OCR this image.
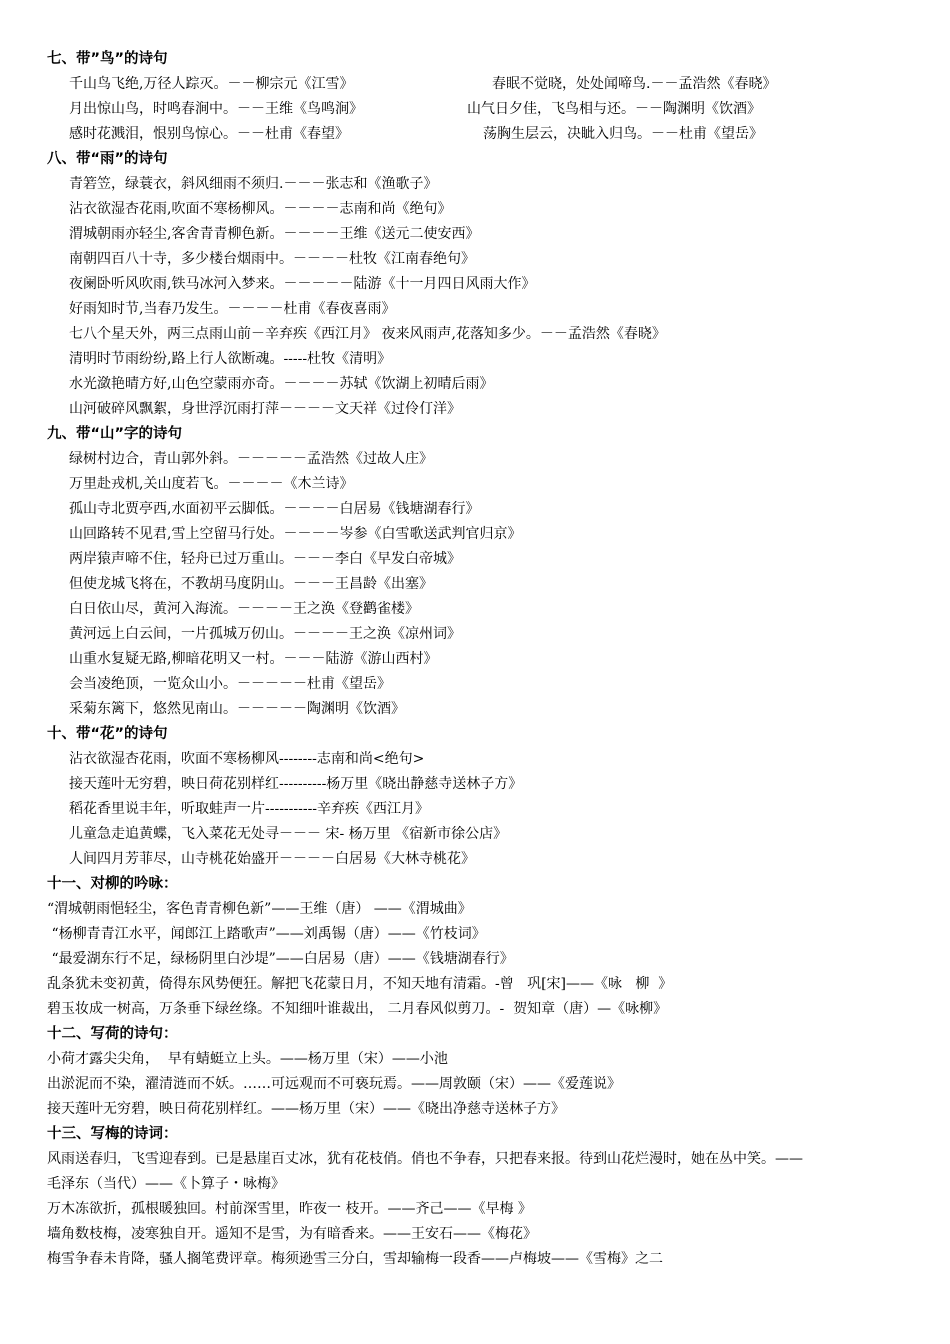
七、带”鸟”的诗句
千山鸟飞绝,万径人踪灭。－－柳宗元《江雪》	春眠不觉晓，处处闻啼鸟.－－孟浩然《春晓》
月出惊山鸟，时鸣春涧中。－－王维《鸟鸣涧》	山气日夕佳，飞鸟相与还。－－陶渊明《饮酒》
感时花溅泪，恨别鸟惊心。－－杜甫《春望》	荡胸生层云，决眦入归鸟。－－杜甫《望岳》
八、带“雨”的诗句
青箬笠，绿蓑衣，斜风细雨不须归.－－－张志和《渔歌子》
沾衣欲湿杏花雨,吹面不寒杨柳风。－－－－志南和尚《绝句》
渭城朝雨亦轻尘,客舍青青柳色新。－－－－王维《送元二使安西》
南朝四百八十寺，多少楼台烟雨中。－－－－杜牧《江南春绝句》
夜阑卧听风吹雨,铁马冰河入梦来。－－－－－陆游《十一月四日风雨大作》
好雨知时节,当春乃发生。－－－－杜甫《春夜喜雨》
七八个星天外，两三点雨山前－辛弃疾《西江月》 夜来风雨声,花落知多少。－－孟浩然《春晓》
清明时节雨纷纷,路上行人欲断魂。-----杜牧《清明》
水光潋艳晴方好,山色空蒙雨亦奇。－－－－苏轼《饮湖上初晴后雨》
山河破碎风飘絮，身世浮沉雨打萍－－－－文天祥《过伶仃洋》
九、带“山”字的诗句
绿树村边合，青山郭外斜。－－－－－孟浩然《过故人庄》
万里赴戎机,关山度若飞。－－－－《木兰诗》
孤山寺北贾亭西,水面初平云脚低。－－－－白居易《钱塘湖春行》
山回路转不见君,雪上空留马行处。－－－－岑参《白雪歌送武判官归京》
两岸猿声啼不住，轻舟已过万重山。－－－李白《早发白帝城》
但使龙城飞将在，不教胡马度阴山。－－－王昌龄《出塞》
白日依山尽，黄河入海流。－－－－王之涣《登鹳雀楼》
黄河远上白云间，一片孤城万仞山。－－－－王之涣《凉州词》
山重水复疑无路,柳暗花明又一村。－－－陆游《游山西村》
会当凌绝顶，一览众山小。－－－－－杜甫《望岳》
采菊东篱下，悠然见南山。－－－－－陶渊明《饮酒》
十、带“花”的诗句
沾衣欲湿杏花雨，吹面不寒杨柳风--------志南和尚<绝句>
接天莲叶无穷碧，映日荷花别样红----------杨万里《晓出静慈寺送林子方》
稻花香里说丰年，听取蛙声一片-----------辛弃疾《西江月》
儿童急走追黄蝶，飞入菜花无处寻－－－ 宋- 杨万里 《宿新市徐公店》
人间四月芳菲尽，山寺桃花始盛开－－－－白居易《大林寺桃花》
十一、对柳的吟咏：
“渭城朝雨悒轻尘，客色青青柳色新”——王维（唐） ——《渭城曲》
“杨柳青青江水平，闻郎江上踏歌声”——刘禹锡（唐）——《竹枝词》
“最爱湖东行不足，绿杨阴里白沙堤”——白居易（唐）——《钱塘湖春行》
乱条犹未变初黄，倚得东风势便狂。解把飞花蒙日月，不知天地有清霜。-曾   巩[宋]——《咏   柳  》
碧玉妆成一树高，万条垂下绿丝绦。不知细叶谁裁出， 二月春风似剪刀。-  贺知章（唐）—《咏柳》
十二、写荷的诗句：
小荷才露尖尖角，  早有蜻蜓立上头。——杨万里（宋）——小池
出淤泥而不染，濯清涟而不妖。……可远观而不可亵玩焉。——周敦颐（宋）——《爱莲说》
接天莲叶无穷碧，映日荷花别样红。——杨万里（宋）——《晓出净慈寺送林子方》
十三、写梅的诗词：
风雨送春归，飞雪迎春到。已是悬崖百丈冰，犹有花枝俏。俏也不争春，只把春来报。待到山花烂漫时，她在丛中笑。——
毛泽东（当代）——《卜算子・咏梅》
万木冻欲折，孤根暖独回。村前深雪里，昨夜一 枝开。——齐己——《早梅 》
墙角数枝梅，凌寒独自开。遥知不是雪，为有暗香来。——王安石——《梅花》
梅雪争春未肯降，骚人搁笔费评章。梅须逊雪三分白，雪却输梅一段香——卢梅坡——《雪梅》之二
